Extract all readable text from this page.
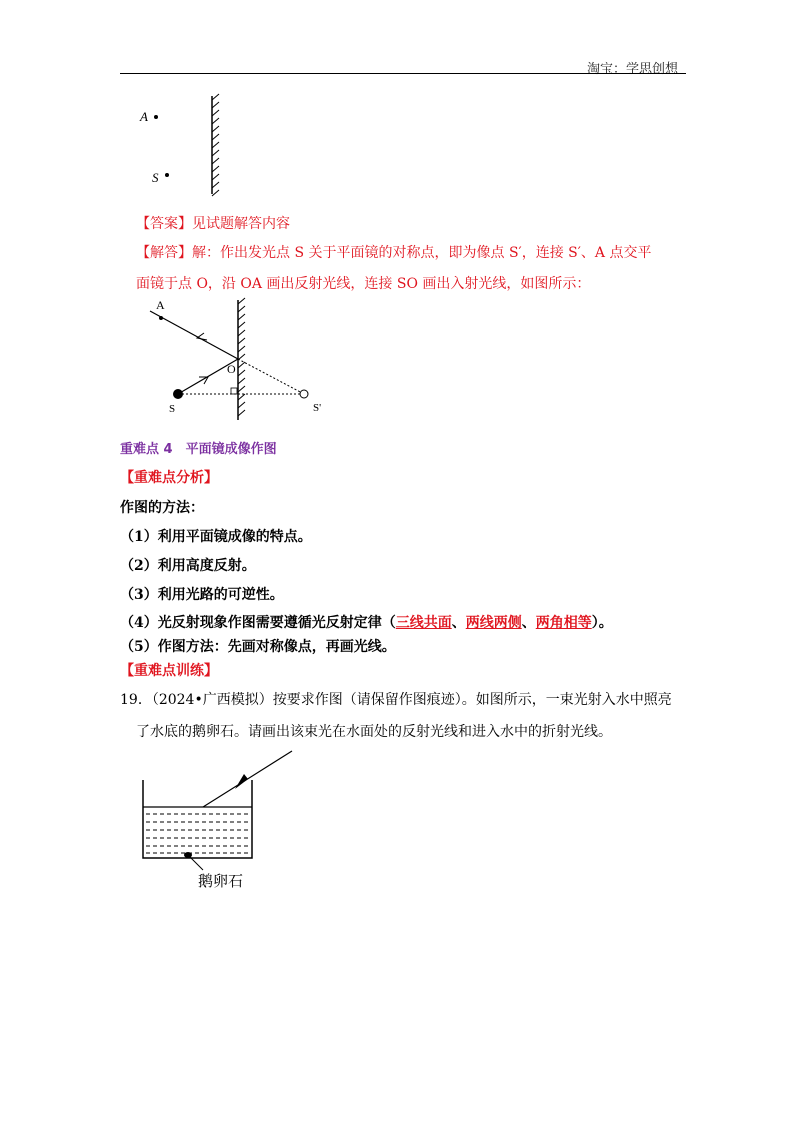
淘宝：学思创想
A
S
【答案】见试题解答内容
【解答】解：作出发光点 S 关于平面镜的对称点，即为像点 S′，连接 S′、A 点交平
面镜于点 O，沿 OA 画出反射光线，连接 SO 画出入射光线，如图所示：
A
O
S	S'
重难点 4　平面镜成像作图
【重难点分析】
作图的方法：
（1）利用平面镜成像的特点。
（2）利用高度反射。
（3）利用光路的可逆性。
（4）光反射现象作图需要遵循光反射定律（三线共面、两线两侧、两角相等）。
（5）作图方法：先画对称像点，再画光线。
【重难点训练】
19．（2024•广西模拟）按要求作图（请保留作图痕迹）。如图所示，一束光射入水中照亮
了水底的鹅卵石。请画出该束光在水面处的反射光线和进入水中的折射光线。
鹅卵石
